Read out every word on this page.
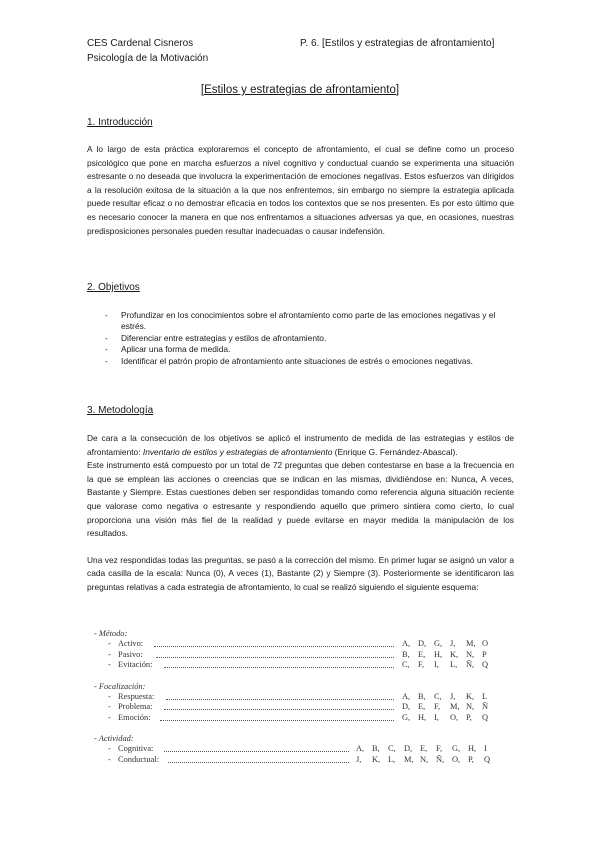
CES Cardenal Cisneros
Psicología de la Motivación
P. 6. [Estilos y estrategias de afrontamiento]
[Estilos y estrategias de afrontamiento]
1. Introducción
A lo largo de esta práctica exploraremos el concepto de afrontamiento, el cual se define como un proceso psicológico que pone en marcha esfuerzos a nivel cognitivo y conductual cuando se experimenta una situación estresante o no deseada que involucra la experimentación de emociones negativas. Estos esfuerzos van dirigidos a la resolución exitosa de la situación a la que nos enfrentemos, sin embargo no siempre la estrategia aplicada puede resultar eficaz o no demostrar eficacia en todos los contextos que se nos presenten. Es por esto último que es necesario conocer la manera en que nos enfrentamos a situaciones adversas ya que, en ocasiones, nuestras predisposiciones personales pueden resultar inadecuadas o causar indefensión.
2. Objetivos
- Profundizar en los conocimientos sobre el afrontamiento como parte de las emociones negativas y el estrés.
- Diferenciar entre estrategias y estilos de afrontamiento.
- Aplicar una forma de medida.
- Identificar el patrón propio de afrontamiento ante situaciones de estrés o emociones negativas.
3. Metodología

De cara a la consecución de los objetivos se aplicó el instrumento de medida de las estrategias y estilos de afrontamiento: Inventario de estilos y estrategias de afrontamiento (Enrique G. Fernández-Abascal).

Este instrumento está compuesto por un total de 72 preguntas que deben contestarse en base a la frecuencia en la que se emplean las acciones o creencias que se indican en las mismas, dividiéndose en: Nunca, A veces, Bastante y Siempre. Estas cuestiones deben ser respondidas tomando como referencia alguna situación reciente que valorase como negativa o estresante y respondiendo aquello que primero sintiera como cierto, lo cual proporciona una visión más fiel de la realidad y puede evitarse en mayor medida la manipulación de los resultados.

Una vez respondidas todas las preguntas, se pasó a la corrección del mismo. En primer lugar se asignó un valor a cada casilla de la escala: Nunca (0), A veces (1), Bastante (2) y Siempre (3). Posteriormente se identificaron las preguntas relativas a cada estrategia de afrontamiento, lo cual se realizó siguiendo el siguiente esquema:

- Método:
- Activo:	A, D, G, J,	M, O
- Pasivo:	B, E,	H, K, N, P
- Evitación:	C, F,	I,	L,	Ñ, Q
- Focalización:
- Respuesta:	A, B, C, J,	K, L
- Problema:	D, E,	F,	M, N, Ñ
- Emoción:	G, H, I,	O, P,	Q
- Actividad:
- Cognitiva:	A, B, C, D, E,	F,	G, H, I
- Conductual:	J,	K, L,	M, N, Ñ, O, P,	Q
